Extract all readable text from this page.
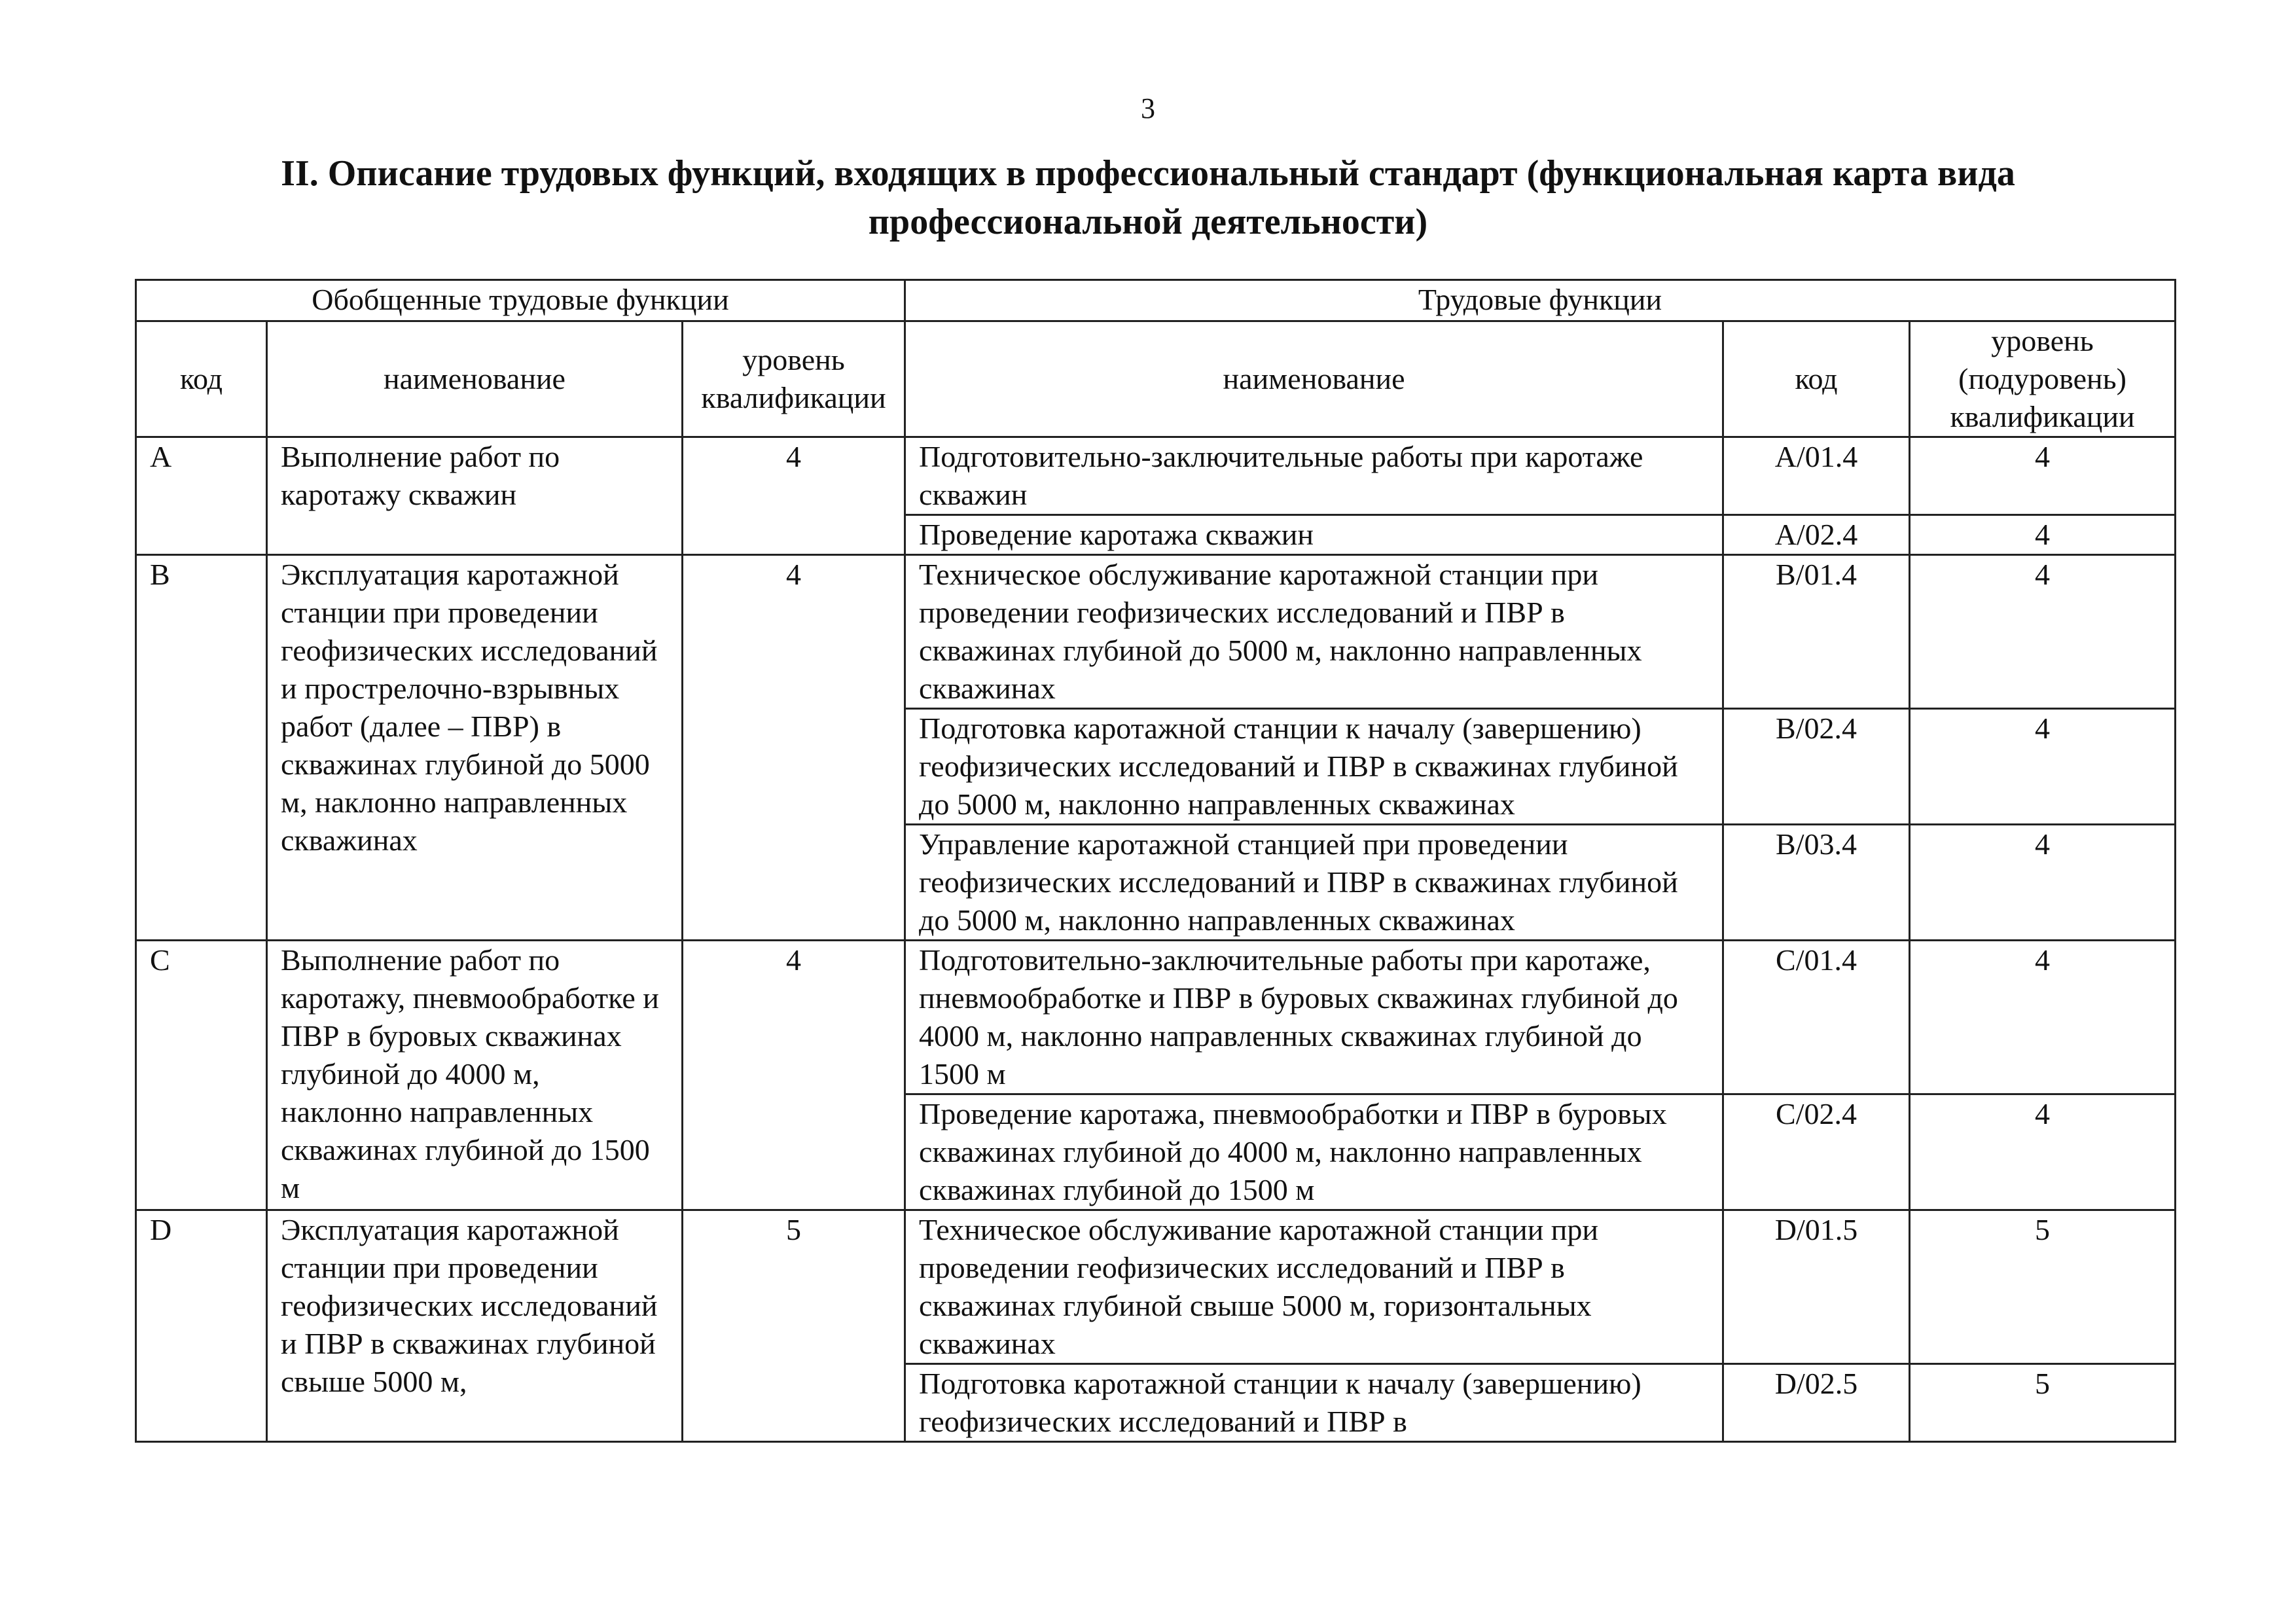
3
II. Описание трудовых функций, входящих в профессиональный стандарт (функциональная карта вида
профессиональной деятельности)
Обобщенные трудовые функции			Трудовые функции		
код	наименование	уровень квалификации	наименование	код	уровень (подуровень) квалификации
A	Выполнение работ по каротажу скважин	4	Подготовительно-заключительные работы при каротаже скважин	A/01.4	4
			Проведение каротажа скважин	A/02.4	4
B	Эксплуатация каротажной станции при проведении геофизических исследований и прострелочно-взрывных работ (далее – ПВР) в скважинах глубиной до 5000 м, наклонно направленных скважинах	4	Техническое обслуживание каротажной станции при проведении геофизических исследований и ПВР в скважинах глубиной до 5000 м, наклонно направленных скважинах	B/01.4	4
			Подготовка каротажной станции к началу (завершению) геофизических исследований и ПВР в скважинах глубиной до 5000 м, наклонно направленных скважинах	B/02.4	4
			Управление каротажной станцией при проведении геофизических исследований и ПВР в скважинах глубиной до 5000 м, наклонно направленных скважинах	B/03.4	4
C	Выполнение работ по каротажу, пневмообработке и ПВР в буровых скважинах глубиной до 4000 м, наклонно направленных скважинах глубиной до 1500 м	4	Подготовительно-заключительные работы при каротаже, пневмообработке и ПВР в буровых скважинах глубиной до 4000 м, наклонно направленных скважинах глубиной до 1500 м	C/01.4	4
			Проведение каротажа, пневмообработки и ПВР в буровых скважинах глубиной до 4000 м, наклонно направленных скважинах глубиной до 1500 м	C/02.4	4
D	Эксплуатация каротажной станции при проведении геофизических исследований и ПВР в скважинах глубиной свыше 5000 м,	5	Техническое обслуживание каротажной станции при проведении геофизических исследований и ПВР в скважинах глубиной свыше 5000 м, горизонтальных скважинах	D/01.5	5
			Подготовка каротажной станции к началу (завершению) геофизических исследований и ПВР в	D/02.5	5
